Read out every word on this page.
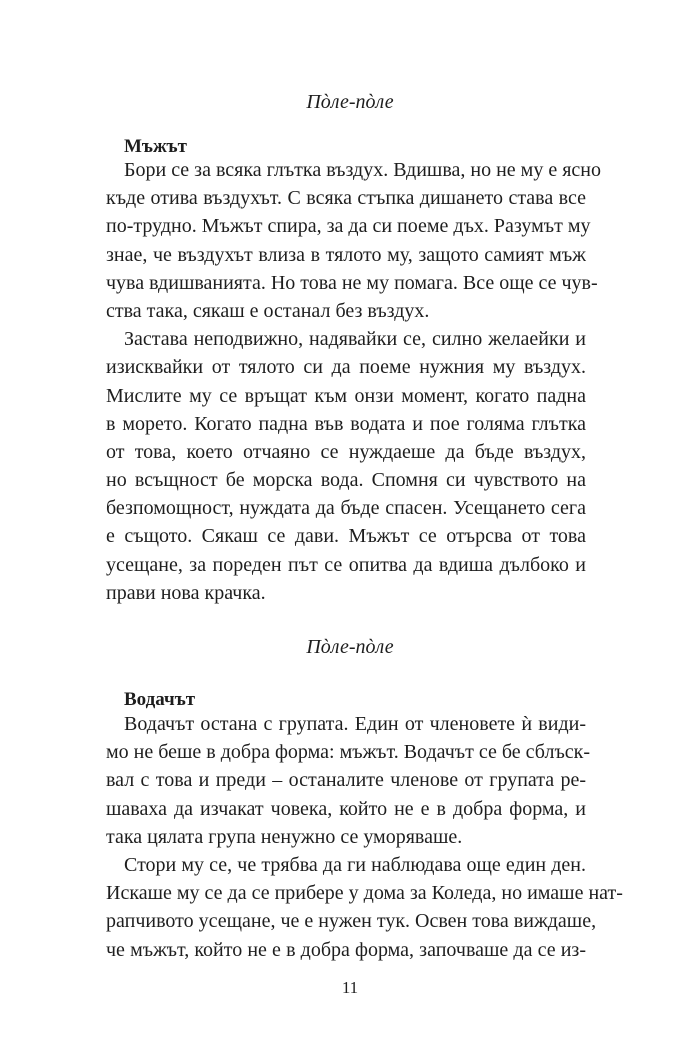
Пòле-пòле
Мъжът
Бори се за всяка глътка въздух. Вдишва, но не му е ясно
къде отива въздухът. С всяка стъпка дишането става все
по-трудно. Мъжът спира, за да си поеме дъх. Разумът му
знае, че въздухът влиза в тялото му, защото самият мъж
чува вдишванията. Но това не му помага. Все още се чув-
ства така, сякаш е останал без въздух.
Застава неподвижно, надявайки се, силно желаейки и
изисквайки от тялото си да поеме нужния му въздух.
Мислите му се връщат към онзи момент, когато падна
в морето. Когато падна във водата и пое голяма глътка
от това, което отчаяно се нуждаеше да бъде въздух,
но всъщност бе морска вода. Спомня си чувството на
безпомощност, нуждата да бъде спасен. Усещането сега
е същото. Сякаш се дави. Мъжът се отърсва от това
усещане, за пореден път се опитва да вдиша дълбоко и
прави нова крачка.
Пòле-пòле
Водачът
Водачът остана с групата. Един от членовете ѝ види-
мо не беше в добра форма: мъжът. Водачът се бе сблъск-
вал с това и преди – останалите членове от групата ре-
шаваха да изчакат човека, който не е в добра форма, и
така цялата група ненужно се уморяваше.
Стори му се, че трябва да ги наблюдава още един ден.
Искаше му се да се прибере у дома за Коледа, но имаше нат-
рапчивото усещане, че е нужен тук. Освен това виждаше,
че мъжът, който не е в добра форма, започваше да се из-
11
